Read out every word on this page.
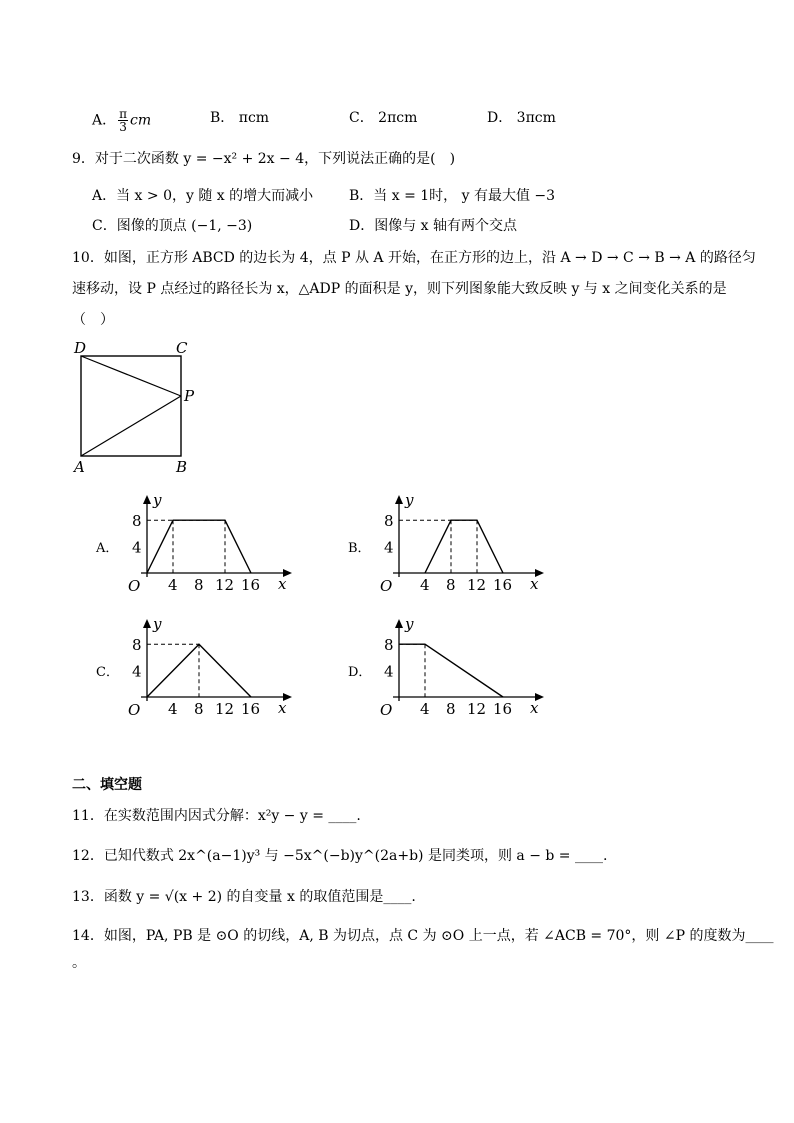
A． $\frac{\pi}{3}$ cm	B． πcm	C． 2πcm	D． 3πcm
9．对于二次函数 y = −x² + 2x − 4，下列说法正确的是(　)
A．当 x > 0，y 随 x 的增大而减小	B．当 x = 1时， y 有最大值 −3
C．图像的顶点 (−1, −3)	D．图像与 x 轴有两个交点
10．如图，正方形 ABCD 的边长为 4，点 P 从 A 开始，在正方形的边上，沿 A → D → C → B → A 的路径匀
速移动，设 P 点经过的路径长为 x，△ADP 的面积是 y，则下列图象能大致反映 y 与 x 之间变化关系的是
（　）
D	C
P
A	B
A．	B．
C．	D．
y
x
O
8
4
4 8 12 16
y
x
O
8
4
4 8 12 16
y
x
O
8
4
4 8 12 16
y
x
O
8
4
4 8 12 16
二、填空题
11．在实数范围内因式分解：x²y − y = ____.
12．已知代数式 2x^(a−1)y³ 与 −5x^(−b)y^(2a+b) 是同类项，则 a − b = ____.
13．函数 y = √(x + 2) 的自变量 x 的取值范围是____.
14．如图，PA, PB 是 ⊙O 的切线，A, B 为切点，点 C 为 ⊙O 上一点，若 ∠ACB = 70°，则 ∠P 的度数为____
。
